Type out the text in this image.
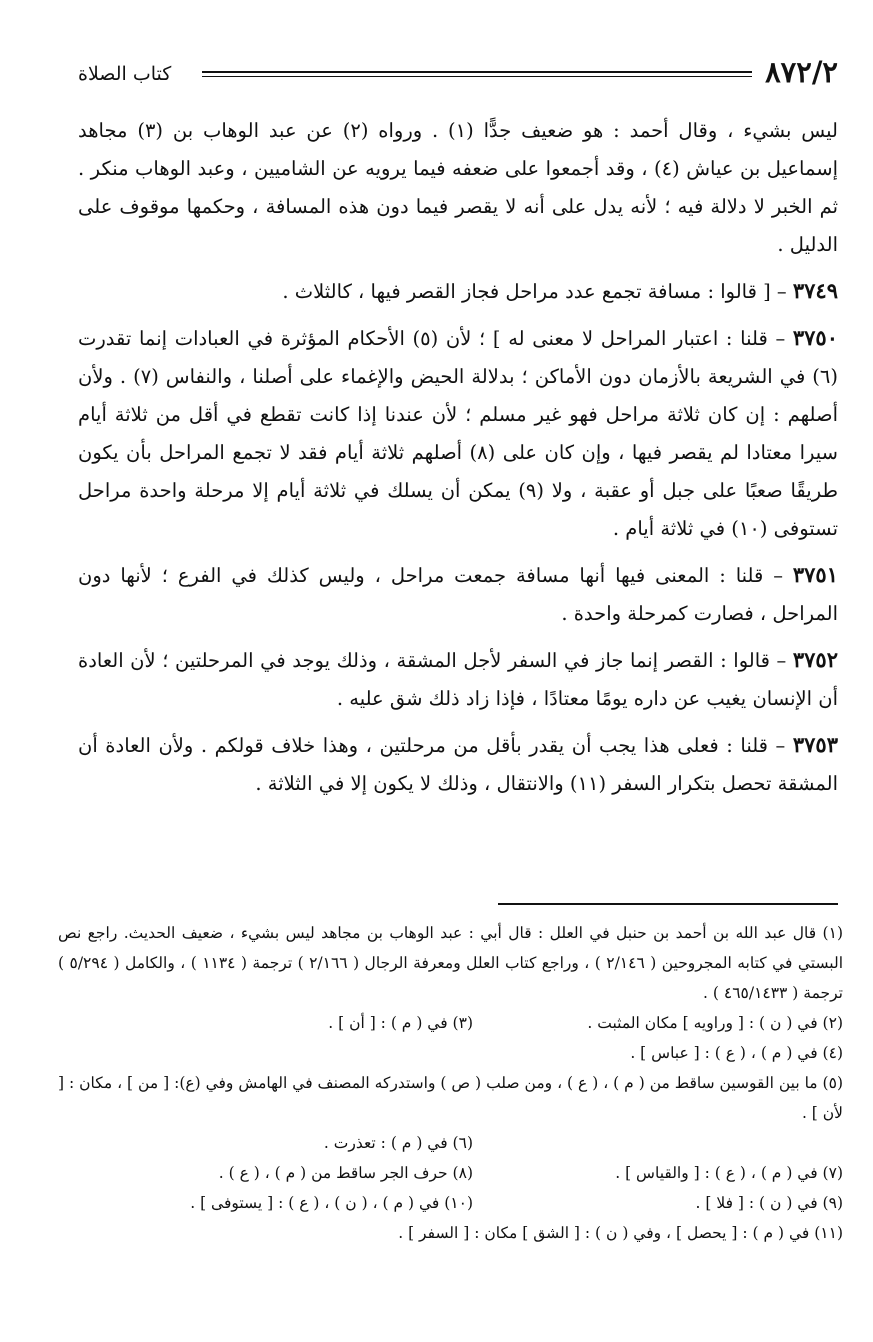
٨٧٢/٢
كتاب الصلاة

ليس بشيء ، وقال أحمد : هو ضعيف جدًّا (١) . ورواه (٢) عن عبد الوهاب بن (٣) مجاهد إسماعيل بن عياش (٤) ، وقد أجمعوا على ضعفه فيما يرويه عن الشاميين ، وعبد الوهاب منكر . ثم الخبر لا دلالة فيه ؛ لأنه يدل على أنه لا يقصر فيما دون هذه المسافة ، وحكمها موقوف على الدليل .

٣٧٤٩ – [ قالوا : مسافة تجمع عدد مراحل فجاز القصر فيها ، كالثلاث .

٣٧٥٠ – قلنا : اعتبار المراحل لا معنى له ] ؛ لأن (٥) الأحكام المؤثرة في العبادات إنما تقدرت (٦) في الشريعة بالأزمان دون الأماكن ؛ بدلالة الحيض والإغماء على أصلنا ، والنفاس (٧) . ولأن أصلهم : إن كان ثلاثة مراحل فهو غير مسلم ؛ لأن عندنا إذا كانت تقطع في أقل من ثلاثة أيام سيرا معتادا لم يقصر فيها ، وإن كان على (٨) أصلهم ثلاثة أيام فقد لا تجمع المراحل بأن يكون طريقًا صعبًا على جبل أو عقبة ، ولا (٩) يمكن أن يسلك في ثلاثة أيام إلا مرحلة واحدة مراحل تستوفى (١٠) في ثلاثة أيام .

٣٧٥١ – قلنا : المعنى فيها أنها مسافة جمعت مراحل ، وليس كذلك في الفرع ؛ لأنها دون المراحل ، فصارت كمرحلة واحدة .

٣٧٥٢ – قالوا : القصر إنما جاز في السفر لأجل المشقة ، وذلك يوجد في المرحلتين ؛ لأن العادة أن الإنسان يغيب عن داره يومًا معتادًا ، فإذا زاد ذلك شق عليه .

٣٧٥٣ – قلنا : فعلى هذا يجب أن يقدر بأقل من مرحلتين ، وهذا خلاف قولكم . ولأن العادة أن المشقة تحصل بتكرار السفر (١١) والانتقال ، وذلك لا يكون إلا في الثلاثة .

(١) قال عبد الله بن أحمد بن حنبل في العلل : قال أبي : عبد الوهاب بن مجاهد ليس بشيء ، ضعيف الحديث. راجع نص البستي في كتابه المجروحين ( ٢/١٤٦ ) ، وراجع كتاب العلل ومعرفة الرجال ( ٢/١٦٦ ) ترجمة ( ١١٣٤ ) ، والكامل ( ٥/٢٩٤ ) ترجمة ( ٤٦٥/١٤٣٣ ) .

(٢) في ( ن ) : [ وراويه ] مكان المثبت .
(٣) في ( م ) : [ أن ] .

(٤) في ( م ) ، ( ع ) : [ عباس ] .

(٥) ما بين القوسين ساقط من ( م ) ، ( ع ) ، ومن صلب ( ص ) واستدركه المصنف في الهامش وفي (ع): [ من ] ، مكان : [ لأن ] .

(٦) في ( م ) : تعذرت .
(٧) في ( م ) ، ( ع ) : [ والقياس ] .
(٨) حرف الجر ساقط من ( م ) ، ( ع ) .
(٩) في ( ن ) : [ فلا ] .
(١٠) في ( م ) ، ( ن ) ، ( ع ) : [ يستوفى ] .

(١١) في ( م ) : [ يحصل ] ، وفي ( ن ) : [ الشق ] مكان : [ السفر ] .
